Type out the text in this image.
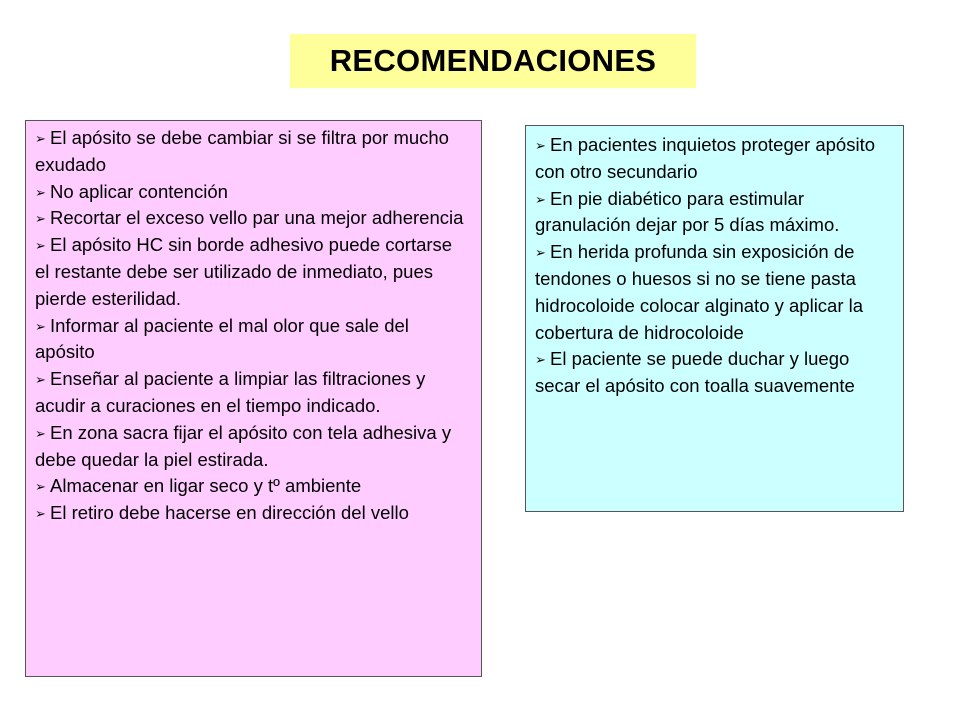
RECOMENDACIONES
➢ El apósito se debe cambiar si se filtra por mucho exudado
➢ No aplicar contención
➢ Recortar el exceso vello par una mejor adherencia
➢ El apósito HC sin borde adhesivo puede cortarse el restante debe ser utilizado de inmediato, pues pierde esterilidad.
➢ Informar al paciente el mal olor que sale del apósito
➢ Enseñar al paciente a limpiar las filtraciones y acudir a curaciones en el tiempo indicado.
➢ En zona sacra fijar el apósito con tela adhesiva y debe quedar la piel estirada.
➢ Almacenar en ligar seco y tº ambiente
➢ El retiro debe hacerse en dirección del vello
➢ En pacientes inquietos proteger apósito con otro secundario
➢ En pie diabético para estimular granulación dejar por 5 días máximo.
➢ En herida profunda sin exposición de tendones o huesos si no se tiene pasta hidrocoloide colocar alginato y aplicar la cobertura de hidrocoloide
➢ El paciente se puede duchar y luego secar el apósito con toalla suavemente
